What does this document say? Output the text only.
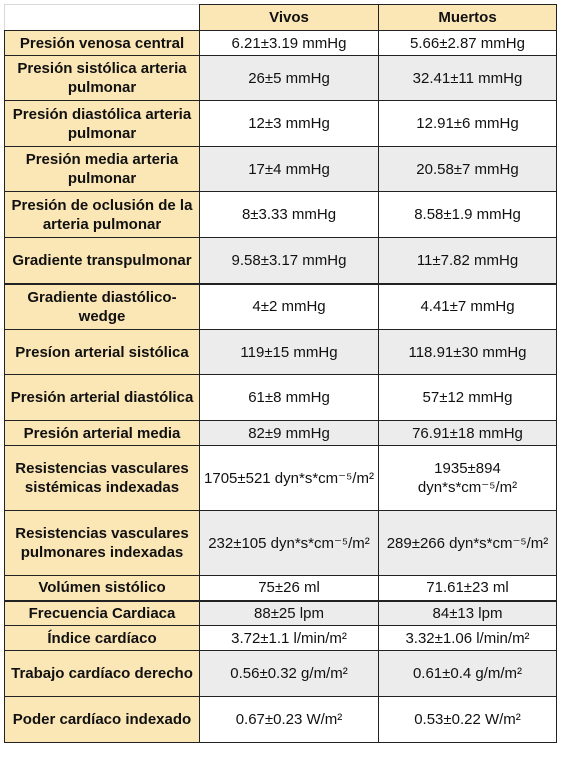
	Vivos	Muertos
Presión venosa central	6.21±3.19 mmHg	5.66±2.87 mmHg
Presión sistólica arteria pulmonar	26±5 mmHg	32.41±11 mmHg
Presión diastólica arteria pulmonar	12±3 mmHg	12.91±6 mmHg
Presión media arteria pulmonar	17±4 mmHg	20.58±7 mmHg
Presión de oclusión de la arteria pulmonar	8±3.33 mmHg	8.58±1.9 mmHg
Gradiente transpulmonar	9.58±3.17 mmHg	11±7.82 mmHg
Gradiente diastólico-wedge	4±2 mmHg	4.41±7 mmHg
Presíon arterial sistólica	119±15 mmHg	118.91±30 mmHg
Presión arterial diastólica	61±8 mmHg	57±12 mmHg
Presión arterial media	82±9 mmHg	76.91±18 mmHg
Resistencias vasculares sistémicas indexadas	1705±521 dyn*s*cm⁻⁵/m²	1935±894 dyn*s*cm⁻⁵/m²
Resistencias vasculares pulmonares indexadas	232±105 dyn*s*cm⁻⁵/m²	289±266 dyn*s*cm⁻⁵/m²
Volúmen sistólico	75±26 ml	71.61±23 ml
Frecuencia Cardiaca	88±25 lpm	84±13 lpm
Índice cardíaco	3.72±1.1 l/min/m²	3.32±1.06 l/min/m²
Trabajo cardíaco derecho	0.56±0.32 g/m/m²	0.61±0.4 g/m/m²
Poder cardíaco indexado	0.67±0.23 W/m²	0.53±0.22 W/m²
